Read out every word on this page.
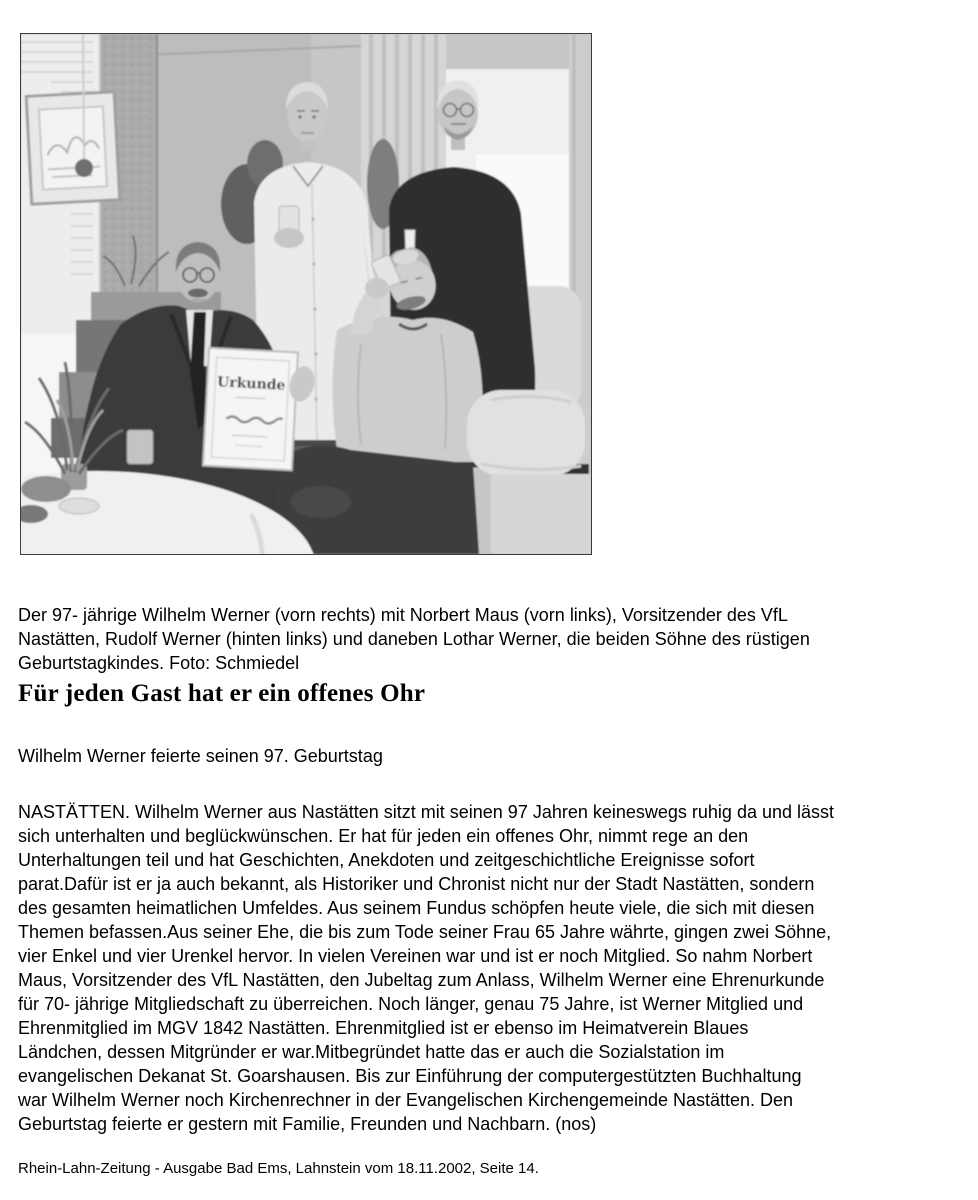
Urkunde
Der 97- jährige Wilhelm Werner (vorn rechts) mit Norbert Maus (vorn links), Vorsitzender des VfL
Nastätten, Rudolf Werner (hinten links) und daneben Lothar Werner, die beiden Söhne des rüstigen
Geburtstagkindes. Foto: Schmiedel
Für jeden Gast hat er ein offenes Ohr
Wilhelm Werner feierte seinen 97. Geburtstag
NASTÄTTEN. Wilhelm Werner aus Nastätten sitzt mit seinen 97 Jahren keineswegs ruhig da und lässt
sich unterhalten und beglückwünschen. Er hat für jeden ein offenes Ohr, nimmt rege an den
Unterhaltungen teil und hat Geschichten, Anekdoten und zeitgeschichtliche Ereignisse sofort
parat.Dafür ist er ja auch bekannt, als Historiker und Chronist nicht nur der Stadt Nastätten, sondern
des gesamten heimatlichen Umfeldes. Aus seinem Fundus schöpfen heute viele, die sich mit diesen
Themen befassen.Aus seiner Ehe, die bis zum Tode seiner Frau 65 Jahre währte, gingen zwei Söhne,
vier Enkel und vier Urenkel hervor. In vielen Vereinen war und ist er noch Mitglied. So nahm Norbert
Maus, Vorsitzender des VfL Nastätten, den Jubeltag zum Anlass, Wilhelm Werner eine Ehrenurkunde
für 70- jährige Mitgliedschaft zu überreichen. Noch länger, genau 75 Jahre, ist Werner Mitglied und
Ehrenmitglied im MGV 1842 Nastätten. Ehrenmitglied ist er ebenso im Heimatverein Blaues
Ländchen, dessen Mitgründer er war.Mitbegründet hatte das er auch die Sozialstation im
evangelischen Dekanat St. Goarshausen. Bis zur Einführung der computergestützten Buchhaltung
war Wilhelm Werner noch Kirchenrechner in der Evangelischen Kirchengemeinde Nastätten. Den
Geburtstag feierte er gestern mit Familie, Freunden und Nachbarn. (nos)
Rhein-Lahn-Zeitung - Ausgabe Bad Ems, Lahnstein vom 18.11.2002, Seite 14.
